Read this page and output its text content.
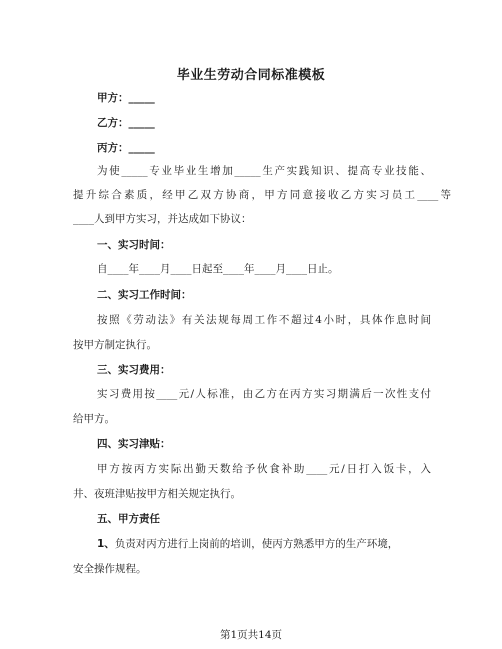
毕业生劳动合同标准模板
甲方：_____
乙方：_____
丙方：_____
为使_____专业毕业生增加_____生产实践知识、提高专业技能、
提升综合素质，经甲乙双方协商，甲方同意接收乙方实习员工____等
____人到甲方实习，并达成如下协议：
一、实习时间：
自____年____月____日起至____年____月____日止。
二、实习工作时间：
按照《劳动法》有关法规每周工作不超过4小时，具体作息时间
按甲方制定执行。
三、实习费用：
实习费用按____元/人标准，由乙方在丙方实习期满后一次性支付
给甲方。
四、实习津贴：
甲方按丙方实际出勤天数给予伙食补助____元/日打入饭卡，入
井、夜班津贴按甲方相关规定执行。
五、甲方责任
1、负责对丙方进行上岗前的培训，使丙方熟悉甲方的生产环境，
安全操作规程。
第1页共14页
